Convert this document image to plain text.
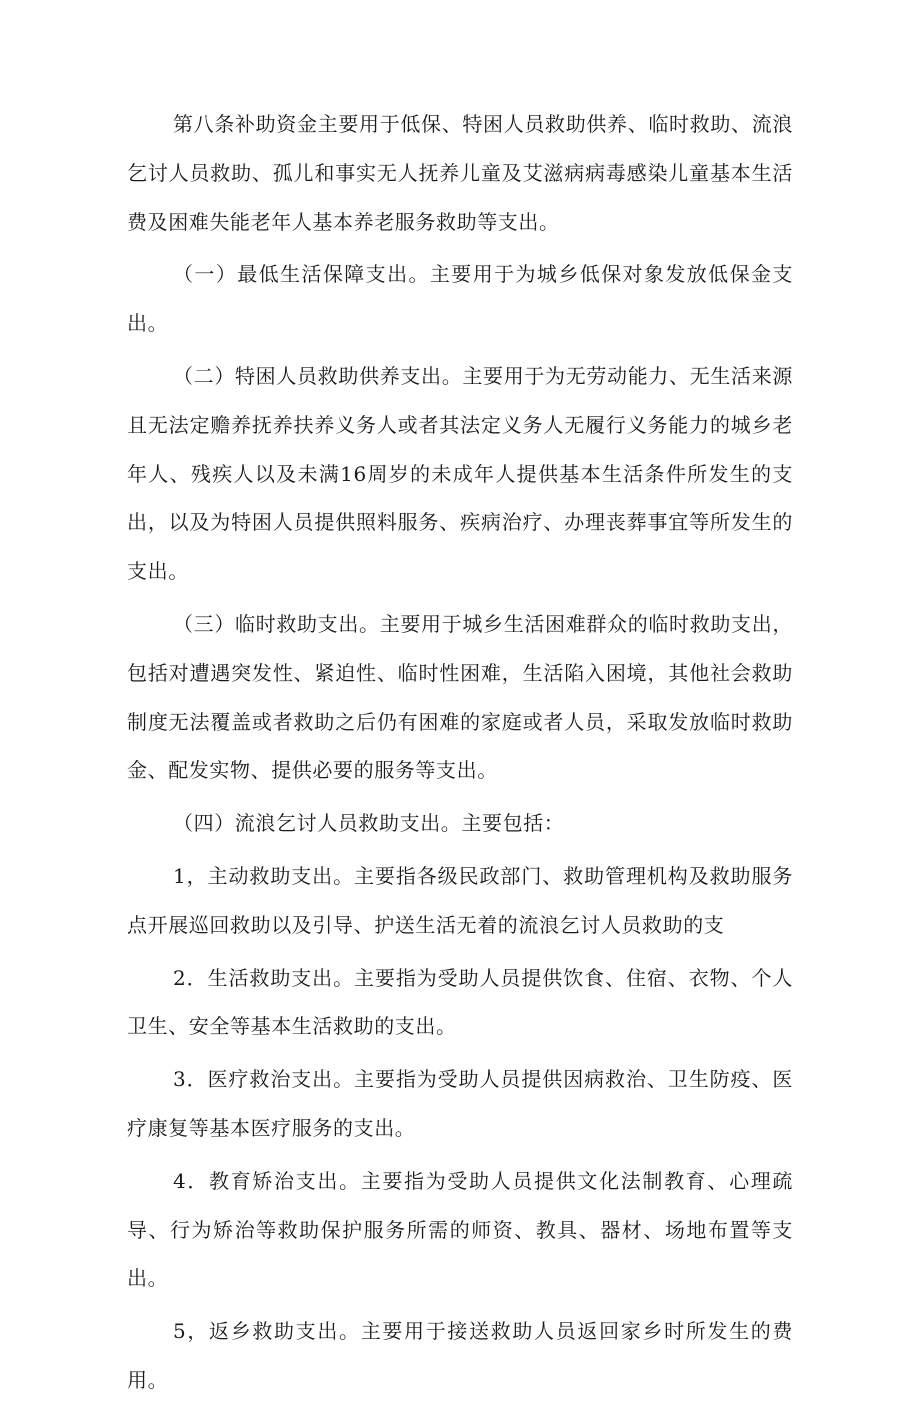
第八条补助资金主要用于低保、特困人员救助供养、临时救助、流浪乞讨人员救助、孤儿和事实无人抚养儿童及艾滋病病毒感染儿童基本生活费及困难失能老年人基本养老服务救助等支出。

（一）最低生活保障支出。主要用于为城乡低保对象发放低保金支出。

（二）特困人员救助供养支出。主要用于为无劳动能力、无生活来源且无法定赡养抚养扶养义务人或者其法定义务人无履行义务能力的城乡老年人、残疾人以及未满16周岁的未成年人提供基本生活条件所发生的支出，以及为特困人员提供照料服务、疾病治疗、办理丧葬事宜等所发生的支出。

（三）临时救助支出。主要用于城乡生活困难群众的临时救助支出，包括对遭遇突发性、紧迫性、临时性困难，生活陷入困境，其他社会救助制度无法覆盖或者救助之后仍有困难的家庭或者人员，采取发放临时救助金、配发实物、提供必要的服务等支出。

（四）流浪乞讨人员救助支出。主要包括：

1，主动救助支出。主要指各级民政部门、救助管理机构及救助服务点开展巡回救助以及引导、护送生活无着的流浪乞讨人员救助的支

2．生活救助支出。主要指为受助人员提供饮食、住宿、衣物、个人卫生、安全等基本生活救助的支出。

3．医疗救治支出。主要指为受助人员提供因病救治、卫生防疫、医疗康复等基本医疗服务的支出。

4．教育矫治支出。主要指为受助人员提供文化法制教育、心理疏导、行为矫治等救助保护服务所需的师资、教具、器材、场地布置等支出。

5，返乡救助支出。主要用于接送救助人员返回家乡时所发生的费用。
